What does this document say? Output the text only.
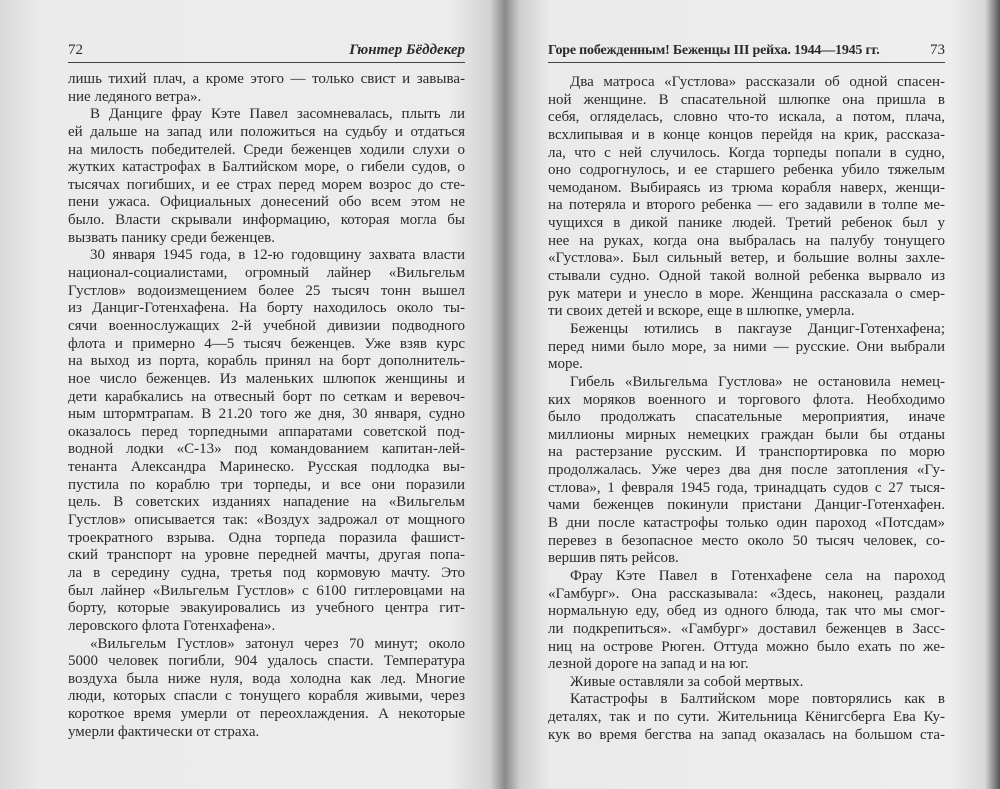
72	Гюнтер Бёддекер
лишь тихий плач, а кроме этого — только свист и завыва-
ние ледяного ветра».
В Данциге фрау Кэте Павел засомневалась, плыть ли
ей дальше на запад или положиться на судьбу и отдаться
на милость победителей. Среди беженцев ходили слухи о
жутких катастрофах в Балтийском море, о гибели судов, о
тысячах погибших, и ее страх перед морем возрос до сте-
пени ужаса. Официальных донесений обо всем этом не
было. Власти скрывали информацию, которая могла бы
вызвать панику среди беженцев.
30 января 1945 года, в 12-ю годовщину захвата власти
национал-социалистами, огромный лайнер «Вильгельм
Густлов» водоизмещением более 25 тысяч тонн вышел
из Данциг-Готенхафена. На борту находилось около ты-
сячи военнослужащих 2-й учебной дивизии подводного
флота и примерно 4—5 тысяч беженцев. Уже взяв курс
на выход из порта, корабль принял на борт дополнитель-
ное число беженцев. Из маленьких шлюпок женщины и
дети карабкались на отвесный борт по сеткам и веревоч-
ным штормтрапам. В 21.20 того же дня, 30 января, судно
оказалось перед торпедными аппаратами советской под-
водной лодки «С-13» под командованием капитан-лей-
тенанта Александра Маринеско. Русская подлодка вы-
пустила по кораблю три торпеды, и все они поразили
цель. В советских изданиях нападение на «Вильгельм
Густлов» описывается так: «Воздух задрожал от мощного
троекратного взрыва. Одна торпеда поразила фашист-
ский транспорт на уровне передней мачты, другая попа-
ла в середину судна, третья под кормовую мачту. Это
был лайнер «Вильгельм Густлов» с 6100 гитлеровцами на
борту, которые эвакуировались из учебного центра гит-
леровского флота Готенхафена».
«Вильгельм Густлов» затонул через 70 минут; около
5000 человек погибли, 904 удалось спасти. Температура
воздуха была ниже нуля, вода холодна как лед. Многие
люди, которых спасли с тонущего корабля живыми, через
короткое время умерли от переохлаждения. А некоторые
умерли фактически от страха.
Горе побежденным! Беженцы III рейха. 1944—1945 гг.	73
Два матроса «Густлова» рассказали об одной спасен-
ной женщине. В спасательной шлюпке она пришла в
себя, огляделась, словно что-то искала, а потом, плача,
всхлипывая и в конце концов перейдя на крик, рассказа-
ла, что с ней случилось. Когда торпеды попали в судно,
оно содрогнулось, и ее старшего ребенка убило тяжелым
чемоданом. Выбираясь из трюма корабля наверх, женщи-
на потеряла и второго ребенка — его задавили в толпе ме-
чущихся в дикой панике людей. Третий ребенок был у
нее на руках, когда она выбралась на палубу тонущего
«Густлова». Был сильный ветер, и большие волны захле-
стывали судно. Одной такой волной ребенка вырвало из
рук матери и унесло в море. Женщина рассказала о смер-
ти своих детей и вскоре, еще в шлюпке, умерла.
Беженцы ютились в пакгаузе Данциг-Готенхафена;
перед ними было море, за ними — русские. Они выбрали
море.
Гибель «Вильгельма Густлова» не остановила немец-
ких моряков военного и торгового флота. Необходимо
было продолжать спасательные мероприятия, иначе
миллионы мирных немецких граждан были бы отданы
на растерзание русским. И транспортировка по морю
продолжалась. Уже через два дня после затопления «Гу-
стлова», 1 февраля 1945 года, тринадцать судов с 27 тыся-
чами беженцев покинули пристани Данциг-Готенхафен.
В дни после катастрофы только один пароход «Потсдам»
перевез в безопасное место около 50 тысяч человек, со-
вершив пять рейсов.
Фрау Кэте Павел в Готенхафене села на пароход
«Гамбург». Она рассказывала: «Здесь, наконец, раздали
нормальную еду, обед из одного блюда, так что мы смог-
ли подкрепиться». «Гамбург» доставил беженцев в Засс-
ниц на острове Рюген. Оттуда можно было ехать по же-
лезной дороге на запад и на юг.
Живые оставляли за собой мертвых.
Катастрофы в Балтийском море повторялись как в
деталях, так и по сути. Жительница Кёнигсберга Ева Ку-
кук во время бегства на запад оказалась на большом ста-
